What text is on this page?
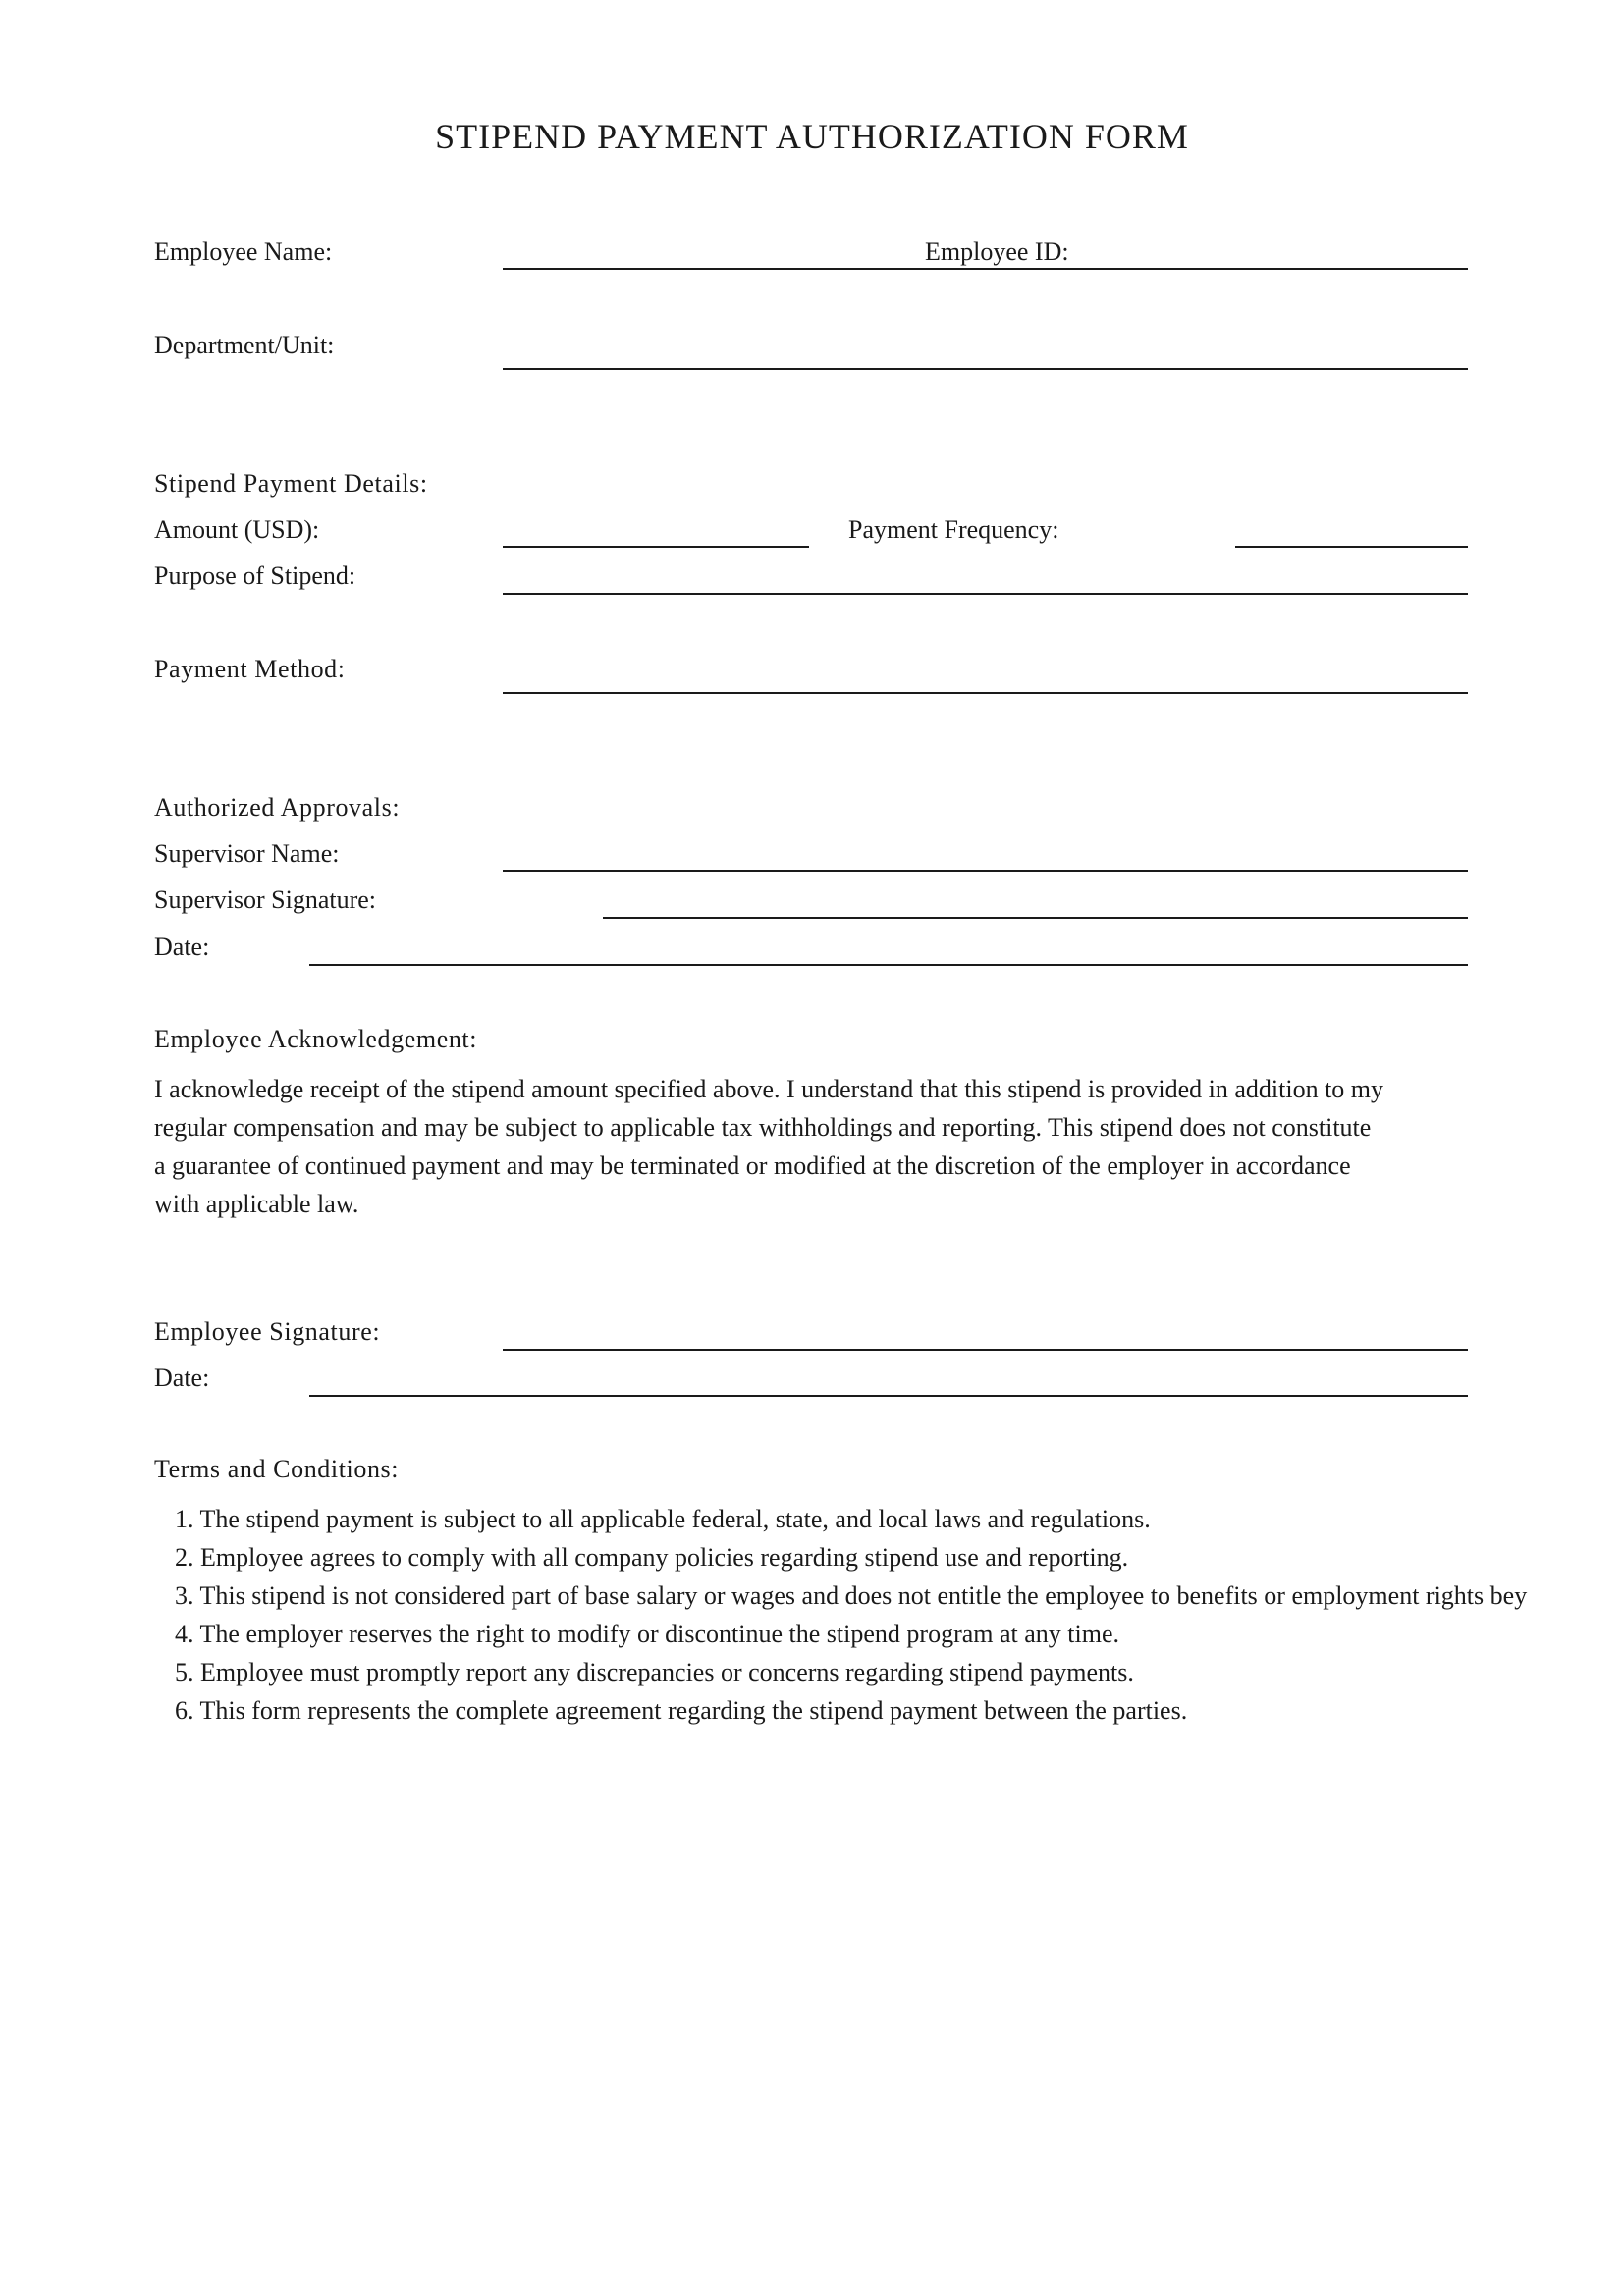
STIPEND PAYMENT AUTHORIZATION FORM
Employee Name:	Employee ID:
Department/Unit:
Stipend Payment Details:
Amount (USD):	Payment Frequency:
Purpose of Stipend:
Payment Method:
Authorized Approvals:
Supervisor Name:
Supervisor Signature:
Date:
Employee Acknowledgement:

I acknowledge receipt of the stipend amount specified above. I understand that this stipend is provided in addition to my
regular compensation and may be subject to applicable tax withholdings and reporting. This stipend does not constitute
a guarantee of continued payment and may be terminated or modified at the discretion of the employer in accordance
with applicable law.

Employee Signature:
Date:
Terms and Conditions:
1. The stipend payment is subject to all applicable federal, state, and local laws and regulations.
2. Employee agrees to comply with all company policies regarding stipend use and reporting.
3. This stipend is not considered part of base salary or wages and does not entitle the employee to benefits or employment rights bey
4. The employer reserves the right to modify or discontinue the stipend program at any time.
5. Employee must promptly report any discrepancies or concerns regarding stipend payments.
6. This form represents the complete agreement regarding the stipend payment between the parties.
